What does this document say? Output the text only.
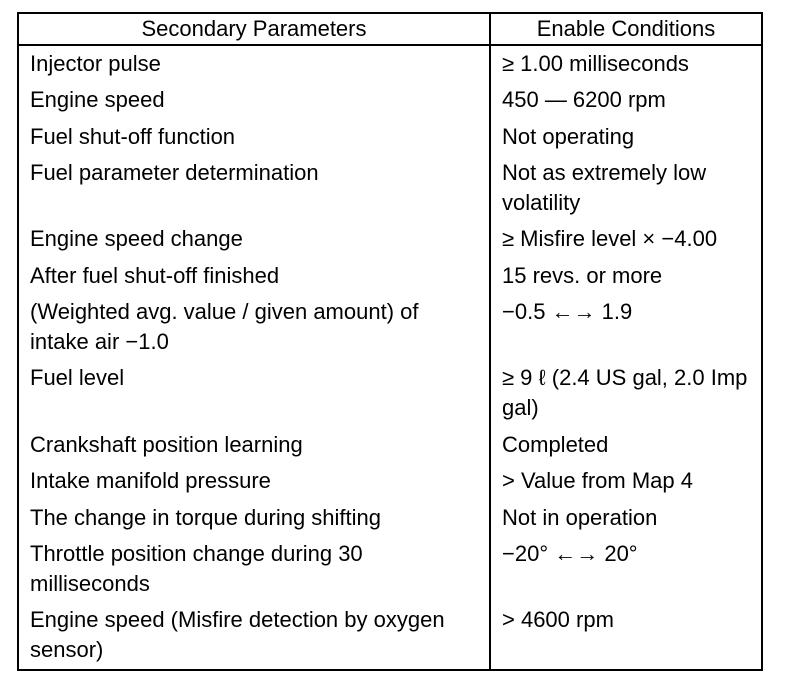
Secondary Parameters	Enable Conditions
Injector pulse	≥ 1.00 milliseconds
Engine speed	450 — 6200 rpm
Fuel shut-off function	Not operating
Fuel parameter determination	Not as extremely low volatility
Engine speed change	≥ Misfire level × −4.00
After fuel shut-off finished	15 revs. or more
(Weighted avg. value / given amount) of intake air −1.0	−0.5 ←→ 1.9
Fuel level	≥ 9 ℓ (2.4 US gal, 2.0 Imp gal)
Crankshaft position learning	Completed
Intake manifold pressure	> Value from Map 4
The change in torque during shifting	Not in operation
Throttle position change during 30 milliseconds	−20° ←→ 20°
Engine speed (Misfire detection by oxygen sensor)	> 4600 rpm
